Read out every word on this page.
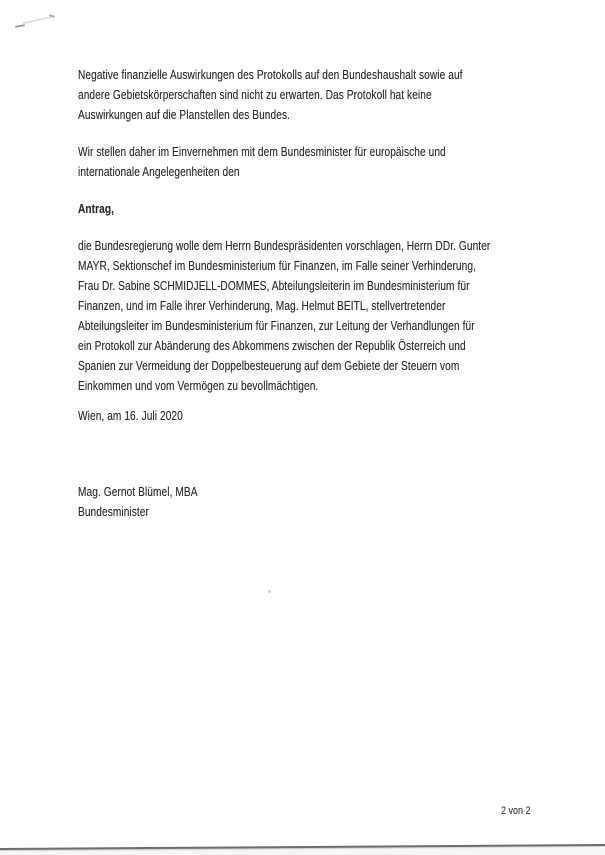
Negative finanzielle Auswirkungen des Protokolls auf den Bundeshaushalt sowie auf
andere Gebietskörperschaften sind nicht zu erwarten. Das Protokoll hat keine
Auswirkungen auf die Planstellen des Bundes.
Wir stellen daher im Einvernehmen mit dem Bundesminister für europäische und
internationale Angelegenheiten den
Antrag,
die Bundesregierung wolle dem Herrn Bundespräsidenten vorschlagen, Herrn DDr. Gunter
MAYR, Sektionschef im Bundesministerium für Finanzen, im Falle seiner Verhinderung,
Frau Dr. Sabine SCHMIDJELL-DOMMES, Abteilungsleiterin im Bundesministerium für
Finanzen, und im Falle ihrer Verhinderung, Mag. Helmut BEITL, stellvertretender
Abteilungsleiter im Bundesministerium für Finanzen, zur Leitung der Verhandlungen für
ein Protokoll zur Abänderung des Abkommens zwischen der Republik Österreich und
Spanien zur Vermeidung der Doppelbesteuerung auf dem Gebiete der Steuern vom
Einkommen und vom Vermögen zu bevollmächtigen.
Wien, am 16. Juli 2020
Mag. Gernot Blümel, MBA
Bundesminister
2 von 2
